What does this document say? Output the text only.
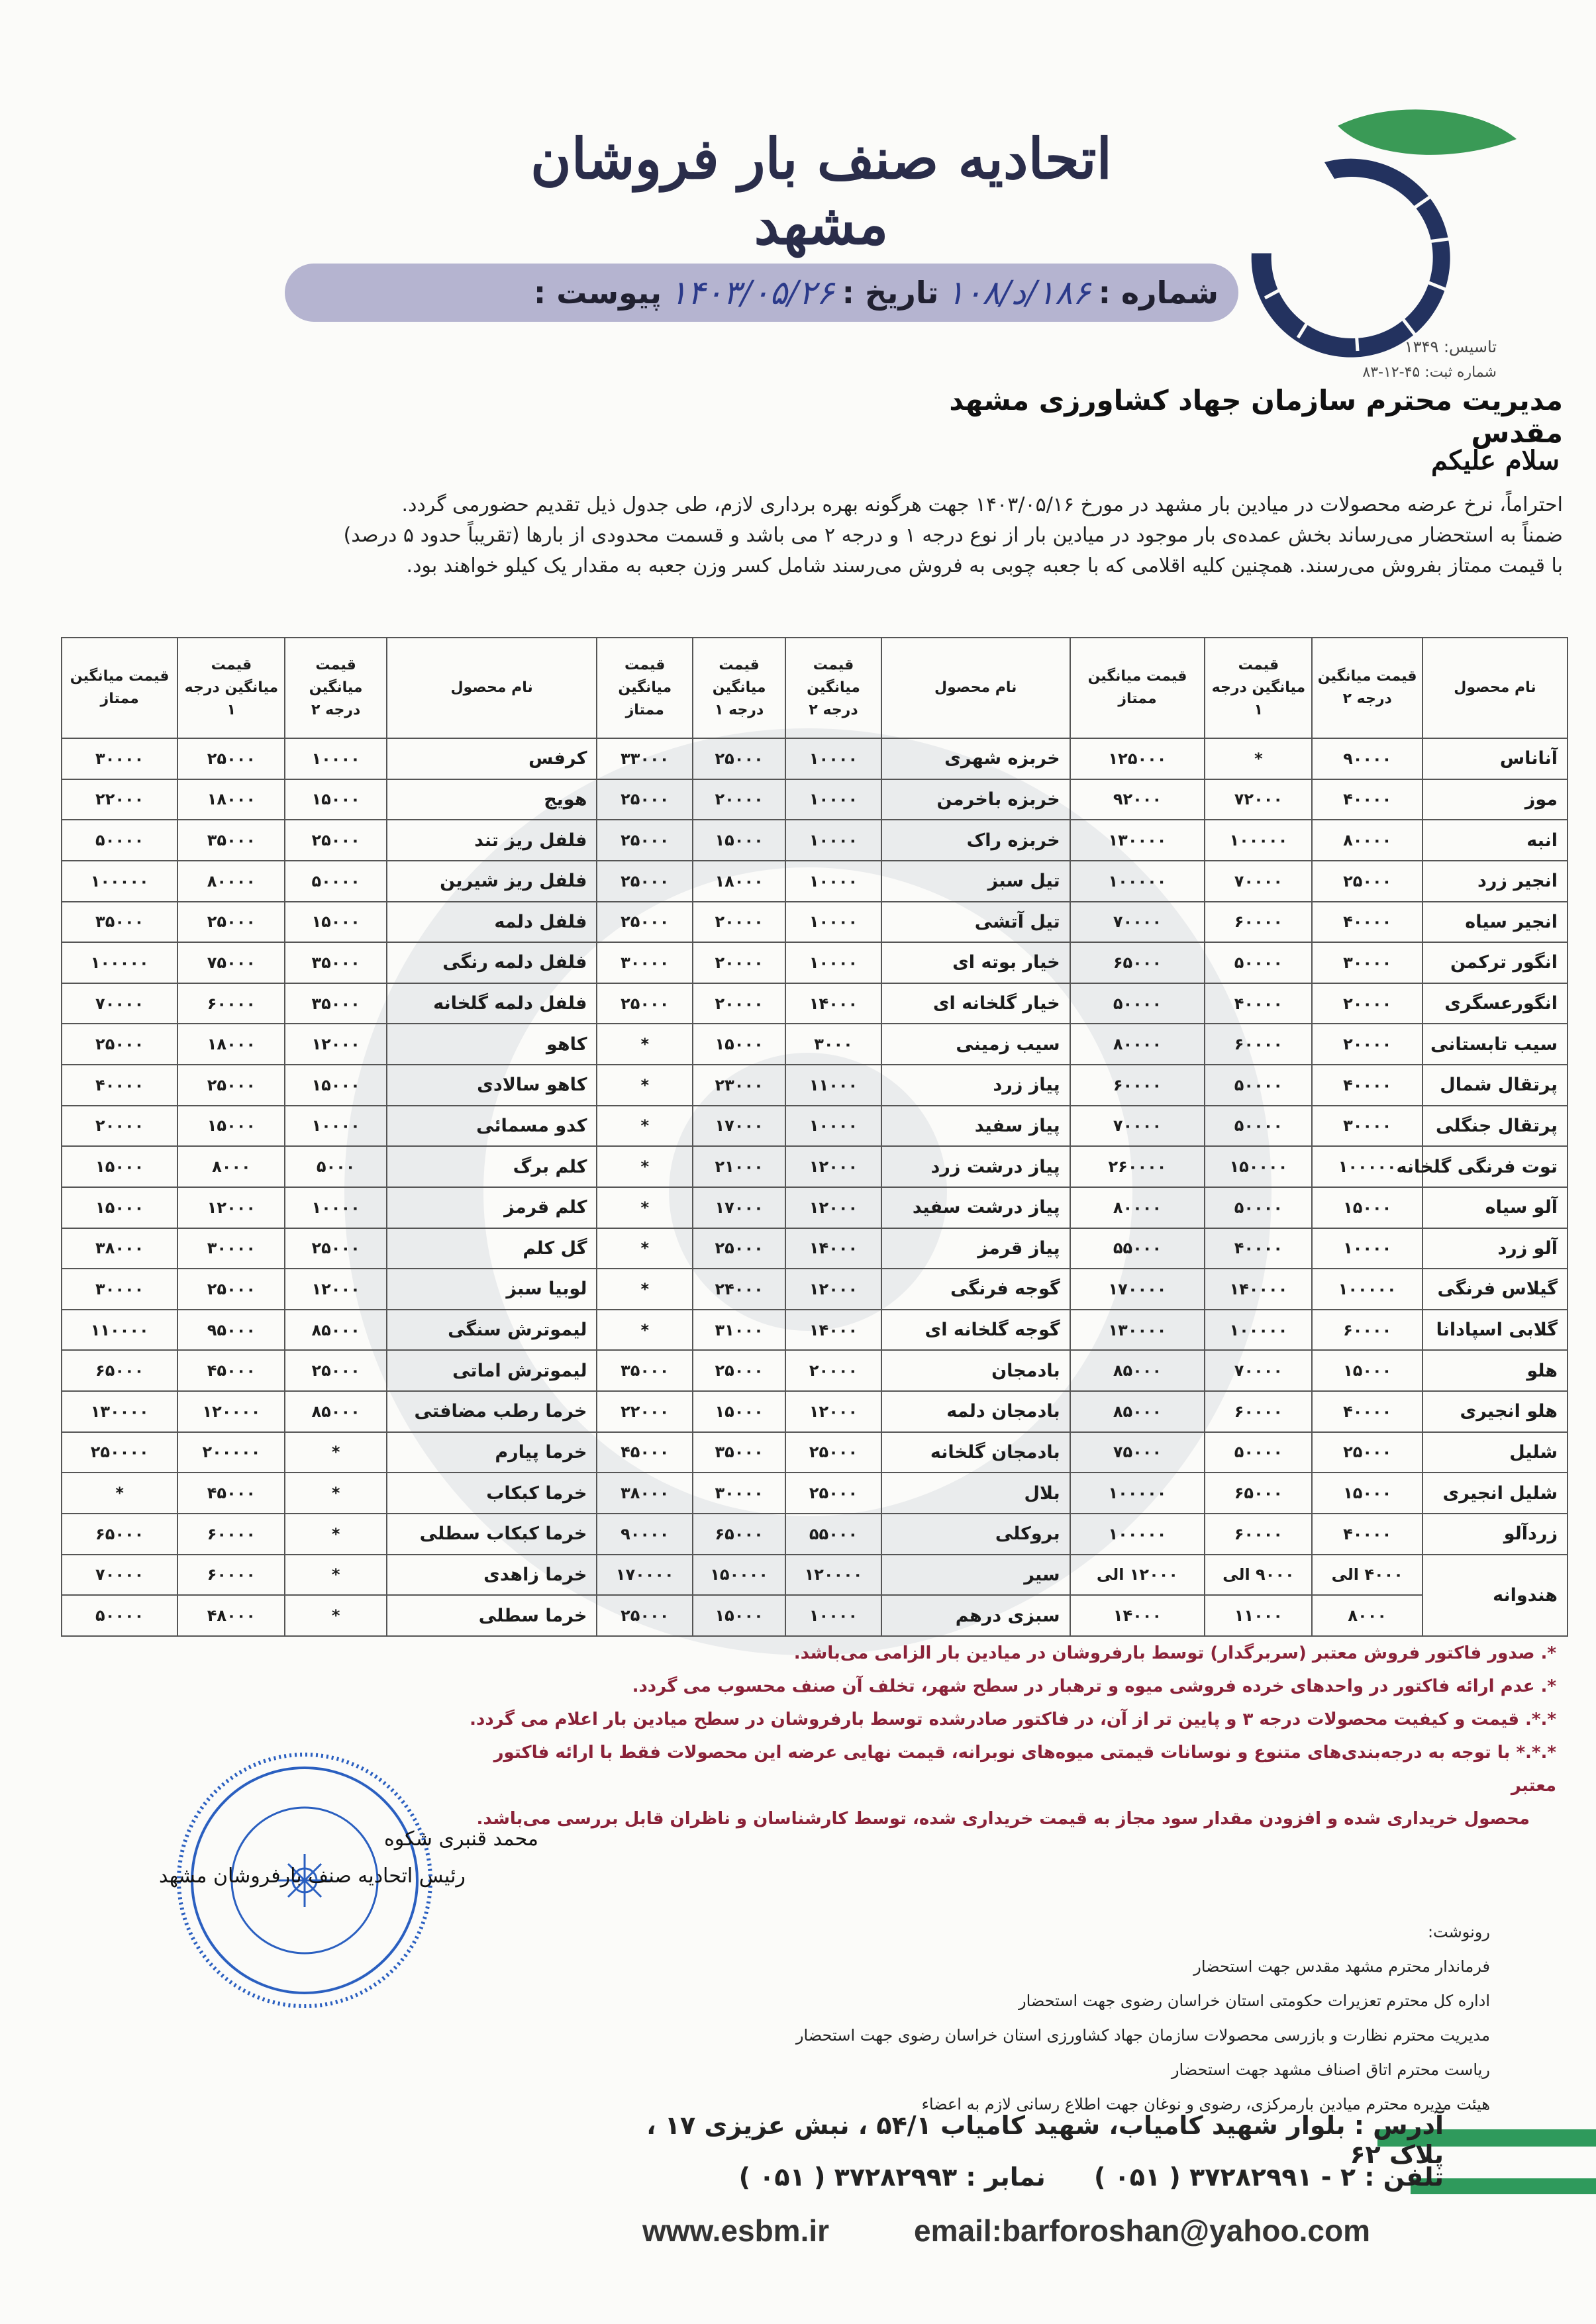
اتحادیه صنف بار فروشان مشهد
تاسیس: ۱۳۴۹
شماره ثبت: ۴۵-۱۲-۸۳
شماره :
۱۸۶/د/۱۰۸
تاریخ :
۱۴۰۳/۰۵/۲۶
پیوست :
مدیریت محترم سازمان جهاد کشاورزی مشهد مقدس
سلام علیکم

احتراماً، نرخ عرضه محصولات در میادین بار مشهد در مورخ ۱۴۰۳/۰۵/۱۶ جهت هرگونه بهره برداری لازم، طی جدول ذیل تقدیم حضورمی گردد.

ضمناً به استحضار می‌رساند بخش عمده‌ی بار موجود در میادین بار از نوع درجه ۱ و درجه ۲ می باشد و قسمت محدودی از بارها (تقریباً حدود ۵ درصد)

با قیمت ممتاز بفروش می‌رسند. همچنین کلیه اقلامی که با جعبه چوبی به فروش می‌رسند شامل کسر وزن جعبه به مقدار یک کیلو خواهند بود.

نام محصول	قیمت میانگین درجه ۲	قیمت میانگین درجه ۱	قیمت میانگین ممتاز	نام محصول	قیمت میانگین درجه ۲	قیمت میانگین درجه ۱	قیمت میانگین ممتاز	نام محصول	قیمت میانگین درجه ۲	قیمت میانگین درجه ۱	قیمت میانگین ممتاز
آناناس	۹۰۰۰۰	*	۱۲۵۰۰۰	خربزه شهری	۱۰۰۰۰	۲۵۰۰۰	۳۳۰۰۰	کرفس	۱۰۰۰۰	۲۵۰۰۰	۳۰۰۰۰
موز	۴۰۰۰۰	۷۲۰۰۰	۹۲۰۰۰	خربزه باخرمن	۱۰۰۰۰	۲۰۰۰۰	۲۵۰۰۰	هویج	۱۵۰۰۰	۱۸۰۰۰	۲۲۰۰۰
انبه	۸۰۰۰۰	۱۰۰۰۰۰	۱۳۰۰۰۰	خربزه راک	۱۰۰۰۰	۱۵۰۰۰	۲۵۰۰۰	فلفل ریز تند	۲۵۰۰۰	۳۵۰۰۰	۵۰۰۰۰
انجیر زرد	۲۵۰۰۰	۷۰۰۰۰	۱۰۰۰۰۰	تیل سبز	۱۰۰۰۰	۱۸۰۰۰	۲۵۰۰۰	فلفل ریز شیرین	۵۰۰۰۰	۸۰۰۰۰	۱۰۰۰۰۰
انجیر سیاه	۴۰۰۰۰	۶۰۰۰۰	۷۰۰۰۰	تیل آتشی	۱۰۰۰۰	۲۰۰۰۰	۲۵۰۰۰	فلفل دلمه	۱۵۰۰۰	۲۵۰۰۰	۳۵۰۰۰
انگور ترکمن	۳۰۰۰۰	۵۰۰۰۰	۶۵۰۰۰	خیار بوته ای	۱۰۰۰۰	۲۰۰۰۰	۳۰۰۰۰	فلفل دلمه رنگی	۳۵۰۰۰	۷۵۰۰۰	۱۰۰۰۰۰
انگورعسگری	۲۰۰۰۰	۴۰۰۰۰	۵۰۰۰۰	خیار گلخانه ای	۱۴۰۰۰	۲۰۰۰۰	۲۵۰۰۰	فلفل دلمه گلخانه	۳۵۰۰۰	۶۰۰۰۰	۷۰۰۰۰
سیب تابستانی	۲۰۰۰۰	۶۰۰۰۰	۸۰۰۰۰	سیب زمینی	۳۰۰۰	۱۵۰۰۰	*	کاهو	۱۲۰۰۰	۱۸۰۰۰	۲۵۰۰۰
پرتقال شمال	۴۰۰۰۰	۵۰۰۰۰	۶۰۰۰۰	پیاز زرد	۱۱۰۰۰	۲۳۰۰۰	*	کاهو سالادی	۱۵۰۰۰	۲۵۰۰۰	۴۰۰۰۰
پرتقال جنگلی	۳۰۰۰۰	۵۰۰۰۰	۷۰۰۰۰	پیاز سفید	۱۰۰۰۰	۱۷۰۰۰	*	کدو مسمائی	۱۰۰۰۰	۱۵۰۰۰	۲۰۰۰۰
توت فرنگی گلخانه	۱۰۰۰۰۰	۱۵۰۰۰۰	۲۶۰۰۰۰	پیاز درشت زرد	۱۲۰۰۰	۲۱۰۰۰	*	کلم برگ	۵۰۰۰	۸۰۰۰	۱۵۰۰۰
آلو سیاه	۱۵۰۰۰	۵۰۰۰۰	۸۰۰۰۰	پیاز درشت سفید	۱۲۰۰۰	۱۷۰۰۰	*	کلم قرمز	۱۰۰۰۰	۱۲۰۰۰	۱۵۰۰۰
آلو زرد	۱۰۰۰۰	۴۰۰۰۰	۵۵۰۰۰	پیاز قرمز	۱۴۰۰۰	۲۵۰۰۰	*	گل کلم	۲۵۰۰۰	۳۰۰۰۰	۳۸۰۰۰
گیلاس فرنگی	۱۰۰۰۰۰	۱۴۰۰۰۰	۱۷۰۰۰۰	گوجه فرنگی	۱۲۰۰۰	۲۴۰۰۰	*	لوبیا سبز	۱۲۰۰۰	۲۵۰۰۰	۳۰۰۰۰
گلابی اسپادانا	۶۰۰۰۰	۱۰۰۰۰۰	۱۳۰۰۰۰	گوجه گلخانه ای	۱۴۰۰۰	۳۱۰۰۰	*	لیموترش سنگی	۸۵۰۰۰	۹۵۰۰۰	۱۱۰۰۰۰
هلو	۱۵۰۰۰	۷۰۰۰۰	۸۵۰۰۰	بادمجان	۲۰۰۰۰	۲۵۰۰۰	۳۵۰۰۰	لیموترش اماتی	۲۵۰۰۰	۴۵۰۰۰	۶۵۰۰۰
هلو انجیری	۴۰۰۰۰	۶۰۰۰۰	۸۵۰۰۰	بادمجان دلمه	۱۲۰۰۰	۱۵۰۰۰	۲۲۰۰۰	خرما رطب مضافتی	۸۵۰۰۰	۱۲۰۰۰۰	۱۳۰۰۰۰
شلیل	۲۵۰۰۰	۵۰۰۰۰	۷۵۰۰۰	بادمجان گلخانه	۲۵۰۰۰	۳۵۰۰۰	۴۵۰۰۰	خرما پیارم	*	۲۰۰۰۰۰	۲۵۰۰۰۰
شلیل انجیری	۱۵۰۰۰	۶۵۰۰۰	۱۰۰۰۰۰	بلال	۲۵۰۰۰	۳۰۰۰۰	۳۸۰۰۰	خرما کبکاب	*	۴۵۰۰۰	*
زردآلو	۴۰۰۰۰	۶۰۰۰۰	۱۰۰۰۰۰	بروکلی	۵۵۰۰۰	۶۵۰۰۰	۹۰۰۰۰	خرما کبکاب سطلی	*	۶۰۰۰۰	۶۵۰۰۰
هندوانه	۴۰۰۰ الی	۹۰۰۰ الی	۱۲۰۰۰ الی	سیر	۱۲۰۰۰۰	۱۵۰۰۰۰	۱۷۰۰۰۰	خرما زاهدی	*	۶۰۰۰۰	۷۰۰۰۰
	۸۰۰۰	۱۱۰۰۰	۱۴۰۰۰	سبزی درهم	۱۰۰۰۰	۱۵۰۰۰	۲۵۰۰۰	خرما سطلی	*	۴۸۰۰۰	۵۰۰۰۰

*. صدور فاکتور فروش معتبر (سربرگدار) توسط بارفروشان در میادین بار الزامی می‌باشد.

*. عدم ارائه فاکتور در واحدهای خرده فروشی میوه و ترهبار در سطح شهر، تخلف آن صنف محسوب می گردد.

*.*. قیمت و کیفیت محصولات درجه ۳ و پایین تر از آن، در فاکتور صادرشده توسط بارفروشان در سطح میادین بار اعلام می گردد.

*.*.* با توجه به درجه‌بندی‌های متنوع و نوسانات قیمتی میوه‌های نوبرانه، قیمت نهایی عرضه این محصولات فقط با ارائه فاکتور معتبر

محصول خریداری شده و افزودن مقدار سود مجاز به قیمت خریداری شده، توسط کارشناسان و ناظران قابل بررسی می‌باشد.

محمد قنبری شکوه
رئیس اتحادیه صنف بارفروشان مشهد

رونوشت:

فرماندار محترم مشهد مقدس جهت استحضار

اداره کل محترم تعزیرات حکومتی استان خراسان رضوی جهت استحضار

مدیریت محترم نظارت و بازرسی محصولات سازمان جهاد کشاورزی استان خراسان رضوی جهت استحضار

ریاست محترم اتاق اصناف مشهد جهت استحضار

هیئت مدیره محترم میادین بارمرکزی، رضوی و نوغان جهت اطلاع رسانی لازم به اعضاء

آدرس : بلوار شهید کامیاب، شهید کامیاب ۵۴/۱ ، نبش عزیزی ۱۷ ، پلاک ۶۲
تلفن : ۲ - ۳۷۲۸۲۹۹۱ ( ۰۵۱ ) نمابر : ۳۷۲۸۲۹۹۳ ( ۰۵۱ )
email:barforoshan@yahoo.com
www.esbm.ir
